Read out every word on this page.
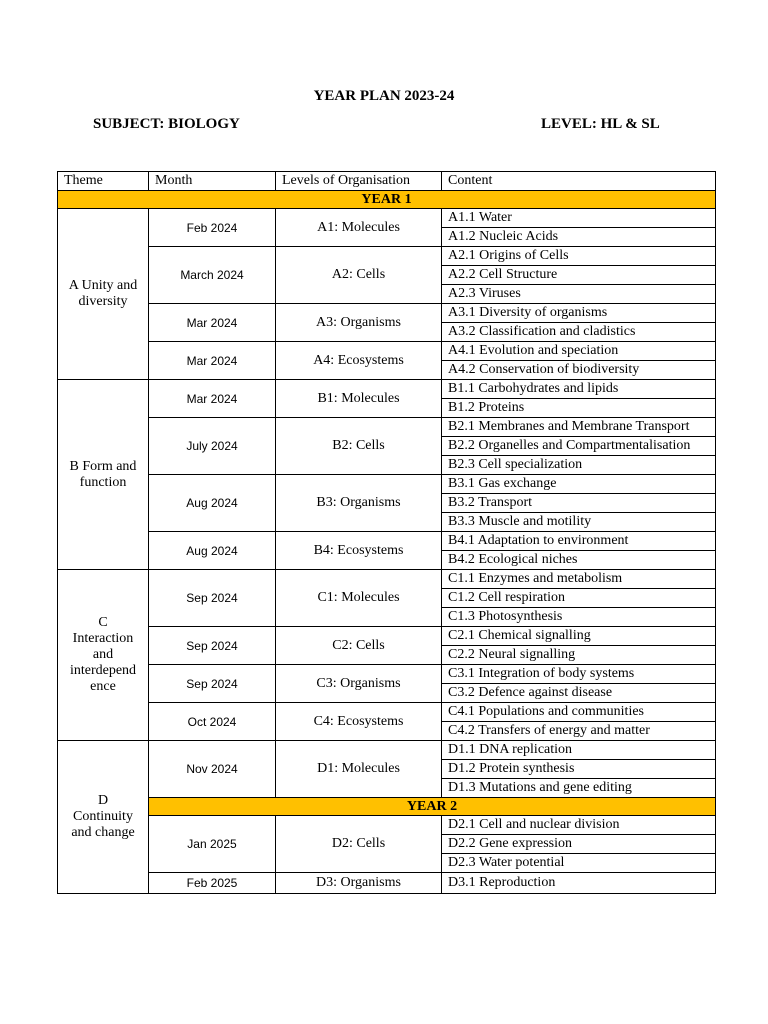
YEAR PLAN 2023-24
SUBJECT: BIOLOGY	LEVEL: HL & SL
Theme	Month	Levels of Organisation	Content
YEAR 1			
A Unity and diversity	Feb 2024	A1: Molecules	A1.1 Water
			A1.2 Nucleic Acids
	March 2024	A2: Cells	A2.1 Origins of Cells
			A2.2 Cell Structure
			A2.3 Viruses
	Mar 2024	A3: Organisms	A3.1 Diversity of organisms
			A3.2 Classification and cladistics
	Mar 2024	A4: Ecosystems	A4.1 Evolution and speciation
			A4.2 Conservation of biodiversity
B Form and function	Mar 2024	B1: Molecules	B1.1 Carbohydrates and lipids
			B1.2 Proteins
	July 2024	B2: Cells	B2.1 Membranes and Membrane Transport
			B2.2 Organelles and Compartmentalisation
			B2.3 Cell specialization
	Aug 2024	B3: Organisms	B3.1 Gas exchange
			B3.2 Transport
			B3.3 Muscle and motility
	Aug 2024	B4: Ecosystems	B4.1 Adaptation to environment
			B4.2 Ecological niches
C
Interaction
and
interdepend
ence	Sep 2024	C1: Molecules	C1.1 Enzymes and metabolism
			C1.2 Cell respiration
			C1.3 Photosynthesis
	Sep 2024	C2: Cells	C2.1 Chemical signalling
			C2.2 Neural signalling
	Sep 2024	C3: Organisms	C3.1 Integration of body systems
			C3.2 Defence against disease
	Oct 2024	C4: Ecosystems	C4.1 Populations and communities
			C4.2 Transfers of energy and matter
D
Continuity
and change	Nov 2024	D1: Molecules	D1.1 DNA replication
			D1.2 Protein synthesis
			D1.3 Mutations and gene editing
	YEAR 2		
	Jan 2025	D2: Cells	D2.1 Cell and nuclear division
			D2.2 Gene expression
			D2.3 Water potential
	Feb 2025	D3: Organisms	D3.1 Reproduction
